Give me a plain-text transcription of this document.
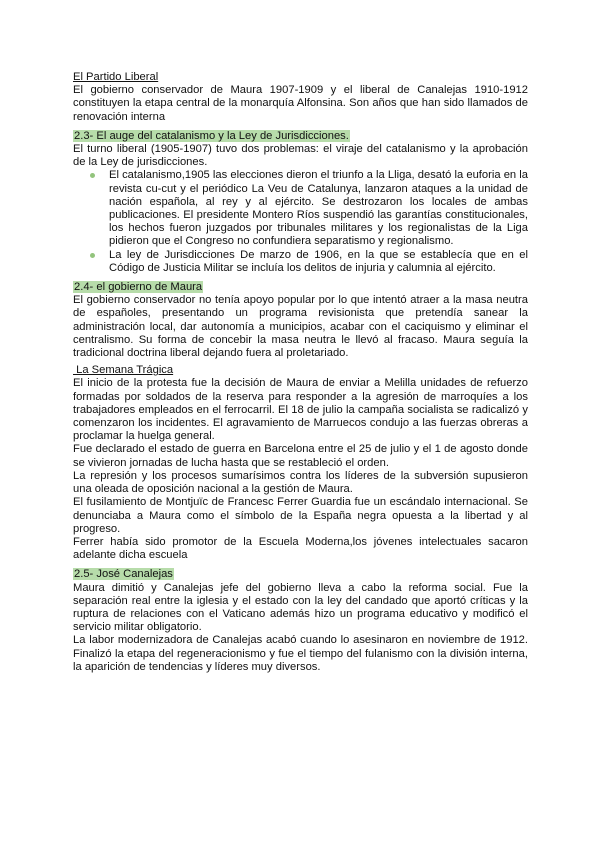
El Partido Liberal

El gobierno conservador de Maura 1907-1909 y el liberal de Canalejas 1910-1912 constituyen la etapa central de la monarquía Alfonsina. Son años que han sido llamados de renovación interna

2.3- El auge del catalanismo y la Ley de Jurisdicciones.

El turno liberal (1905-1907) tuvo dos problemas: el viraje del catalanismo y la aprobación de la Ley de jurisdicciones.

El catalanismo,1905 las elecciones dieron el triunfo a la Lliga, desató la euforia en la revista cu-cut y el periódico La Veu de Catalunya, lanzaron ataques a la unidad de nación española, al rey y al ejército. Se destrozaron los locales de ambas publicaciones. El presidente Montero Ríos suspendió las garantías constitucionales, los hechos fueron juzgados por tribunales militares y los regionalistas de la Liga pidieron que el Congreso no confundiera separatismo y regionalismo.
La ley de Jurisdicciones De marzo de 1906, en la que se establecía que en el Código de Justicia Militar se incluía los delitos de injuria y calumnia al ejército.
2.4- el gobierno de Maura

El gobierno conservador no tenía apoyo popular por lo que intentó atraer a la masa neutra de españoles, presentando un programa revisionista que pretendía sanear la administración local, dar autonomía a municipios, acabar con el caciquismo y eliminar el centralismo. Su forma de concebir la masa neutra le llevó al fracaso. Maura seguía la tradicional doctrina liberal dejando fuera al proletariado.

La Semana Trágica

El inicio de la protesta fue la decisión de Maura de enviar a Melilla unidades de refuerzo formadas por soldados de la reserva para responder a la agresión de marroquíes a los trabajadores empleados en el ferrocarril. El 18 de julio la campaña socialista se radicalizó y comenzaron los incidentes. El agravamiento de Marruecos condujo a las fuerzas obreras a proclamar la huelga general.

Fue declarado el estado de guerra en Barcelona entre el 25 de julio y el 1 de agosto donde se vivieron jornadas de lucha hasta que se restableció el orden.

La represión y los procesos sumarísimos contra los líderes de la subversión supusieron una oleada de oposición nacional a la gestión de Maura.

El fusilamiento de Montjuïc de Francesc Ferrer Guardia fue un escándalo internacional. Se denunciaba a Maura como el símbolo de la España negra opuesta a la libertad y al progreso.

Ferrer había sido promotor de la Escuela Moderna,los jóvenes intelectuales sacaron adelante dicha escuela

2.5- José Canalejas

Maura dimitió y Canalejas jefe del gobierno lleva a cabo la reforma social. Fue la separación real entre la iglesia y el estado con la ley del candado que aportó críticas y la ruptura de relaciones con el Vaticano además hizo un programa educativo y modificó el servicio militar obligatorio.

La labor modernizadora de Canalejas acabó cuando lo asesinaron en noviembre de 1912. Finalizó la etapa del regeneracionismo y fue el tiempo del fulanismo con la división interna, la aparición de tendencias y líderes muy diversos.
